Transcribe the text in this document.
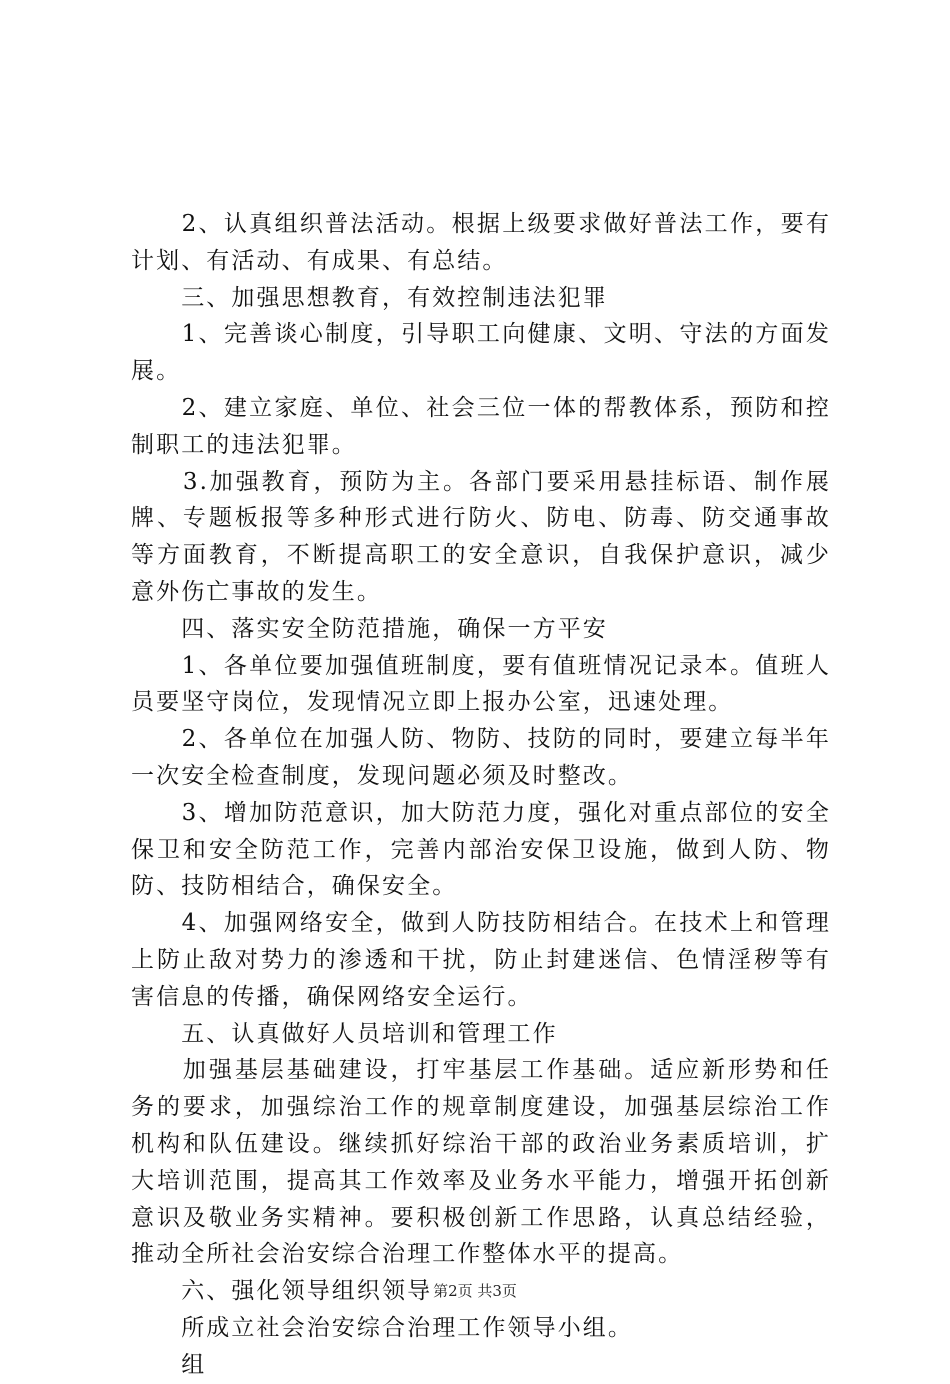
　　2、认真组织普法活动。根据上级要求做好普法工作，要有
计划、有活动、有成果、有总结。
　　三、加强思想教育，有效控制违法犯罪
　　1、完善谈心制度，引导职工向健康、文明、守法的方面发
展。
　　2、建立家庭、单位、社会三位一体的帮教体系，预防和控
制职工的违法犯罪。
　　3.加强教育，预防为主。各部门要采用悬挂标语、制作展
牌、专题板报等多种形式进行防火、防电、防毒、防交通事故
等方面教育，不断提高职工的安全意识，自我保护意识，减少
意外伤亡事故的发生。
　　四、落实安全防范措施，确保一方平安
　　1、各单位要加强值班制度，要有值班情况记录本。值班人
员要坚守岗位，发现情况立即上报办公室，迅速处理。
　　2、各单位在加强人防、物防、技防的同时，要建立每半年
一次安全检查制度，发现问题必须及时整改。
　　3、增加防范意识，加大防范力度，强化对重点部位的安全
保卫和安全防范工作，完善内部治安保卫设施，做到人防、物
防、技防相结合，确保安全。
　　4、加强网络安全，做到人防技防相结合。在技术上和管理
上防止敌对势力的渗透和干扰，防止封建迷信、色情淫秽等有
害信息的传播，确保网络安全运行。
　　五、认真做好人员培训和管理工作
　　加强基层基础建设，打牢基层工作基础。适应新形势和任
务的要求，加强综治工作的规章制度建设，加强基层综治工作
机构和队伍建设。继续抓好综治干部的政治业务素质培训，扩
大培训范围，提高其工作效率及业务水平能力，增强开拓创新
意识及敬业务实精神。要积极创新工作思路，认真总结经验，
推动全所社会治安综合治理工作整体水平的提高。
　　六、强化领导组织领导
　　所成立社会治安综合治理工作领导小组。
　　组
第2页 共3页
